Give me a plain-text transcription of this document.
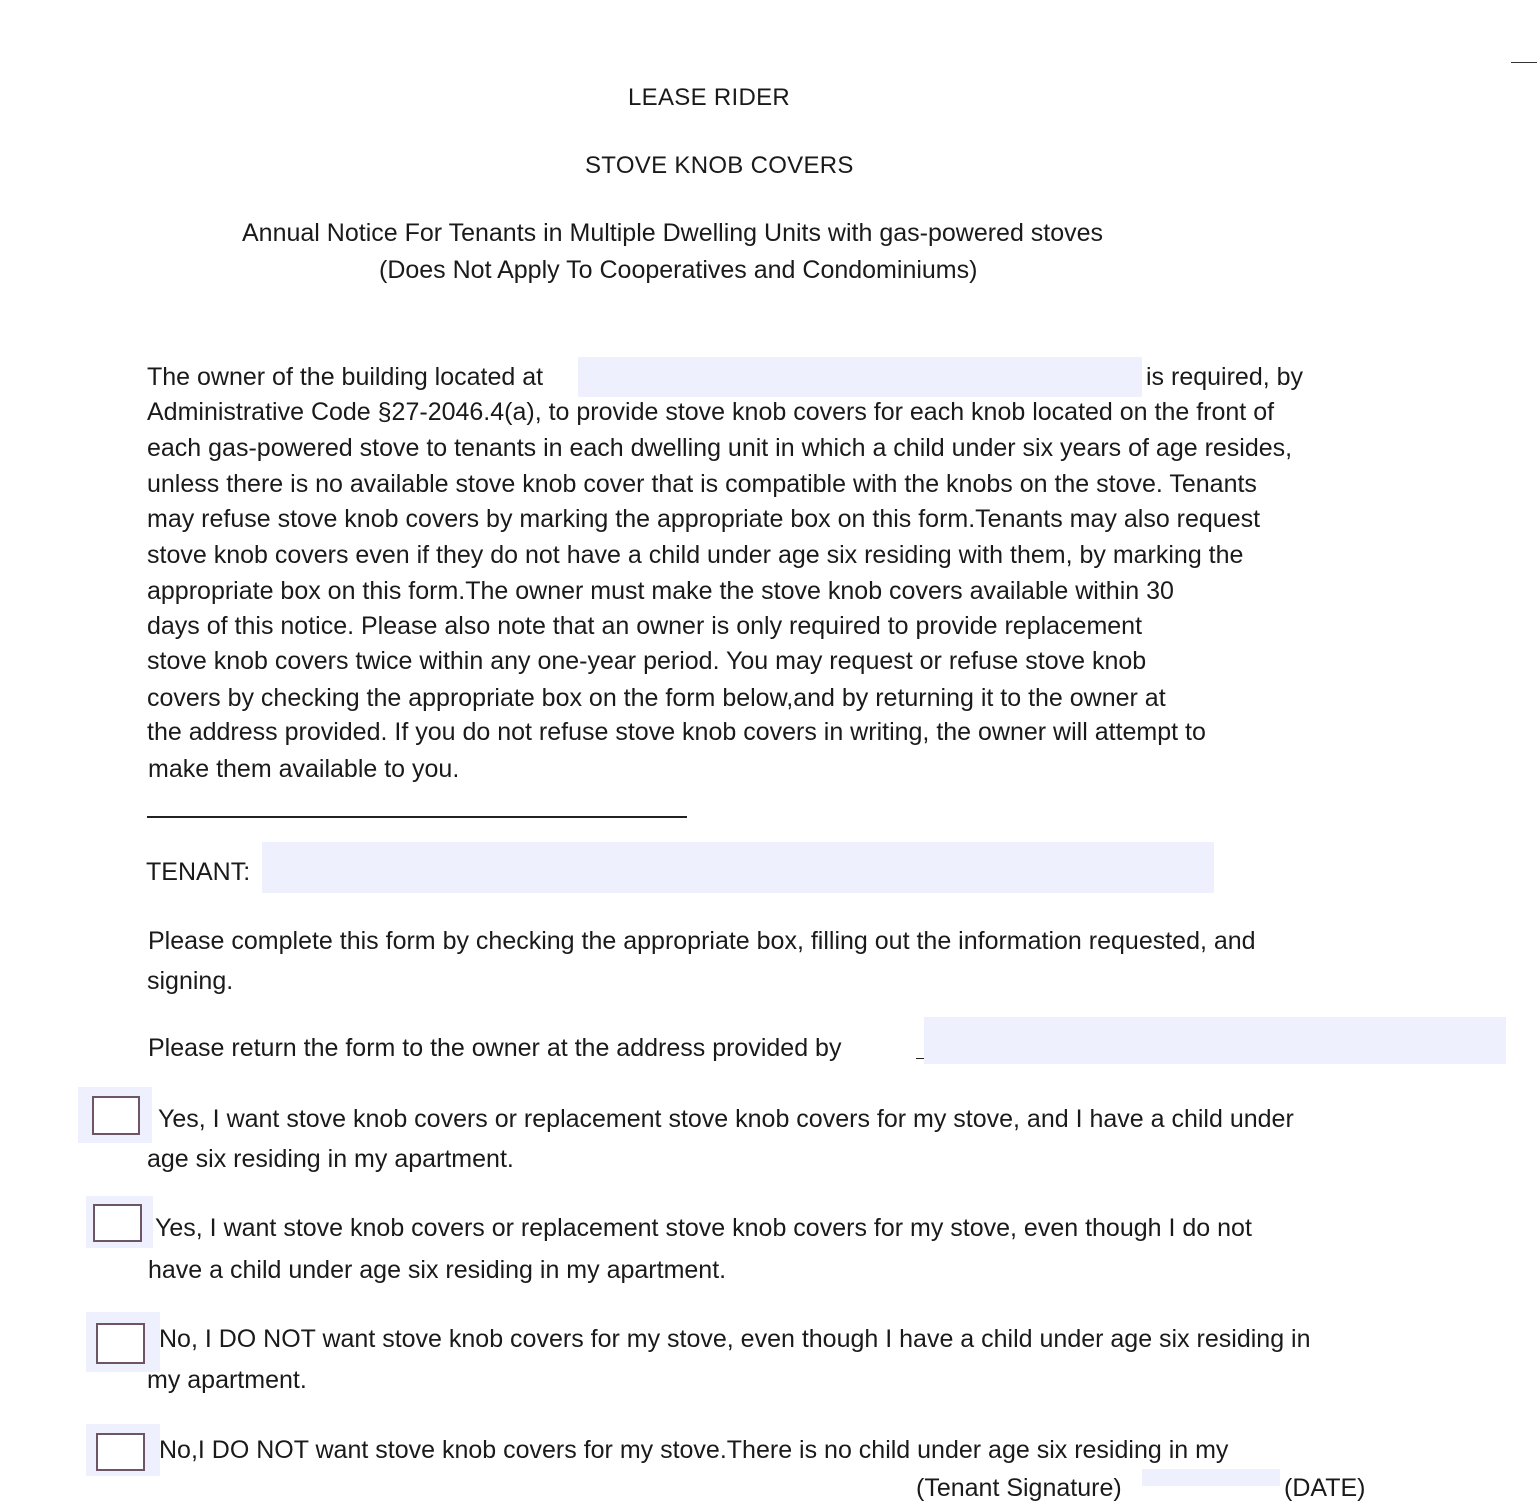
LEASE RIDER
STOVE KNOB COVERS
Annual Notice For Tenants in Multiple Dwelling Units with gas-powered stoves
(Does Not Apply To Cooperatives and Condominiums)
The owner of the building located at	is required, by
Administrative Code §27-2046.4(a), to provide stove knob covers for each knob located on the front of
each gas-powered stove to tenants in each dwelling unit in which a child under six years of age resides,
unless there is no available stove knob cover that is compatible with the knobs on the stove. Tenants
may refuse stove knob covers by marking the appropriate box on this form.Tenants may also request
stove knob covers even if they do not have a child under age six residing with them, by marking the
appropriate box on this form.The owner must make the stove knob covers available within 30
days of this notice. Please also note that an owner is only required to provide replacement
stove knob covers twice within any one-year period. You may request or refuse stove knob
covers by checking the appropriate box on the form below,and by returning it to the owner at
the address provided. If you do not refuse stove knob covers in writing, the owner will attempt to
make them available to you.
TENANT:
Please complete this form by checking the appropriate box, filling out the information requested, and
signing.
Please return the form to the owner at the address provided by
Yes, I want stove knob covers or replacement stove knob covers for my stove, and I have a child under
age six residing in my apartment.
Yes, I want stove knob covers or replacement stove knob covers for my stove, even though I do not
have a child under age six residing in my apartment.
No, I DO NOT want stove knob covers for my stove, even though I have a child under age six residing in
my apartment.
No,I DO NOT want stove knob covers for my stove.There is no child under age six residing in my
(Tenant Signature)	(DATE)
